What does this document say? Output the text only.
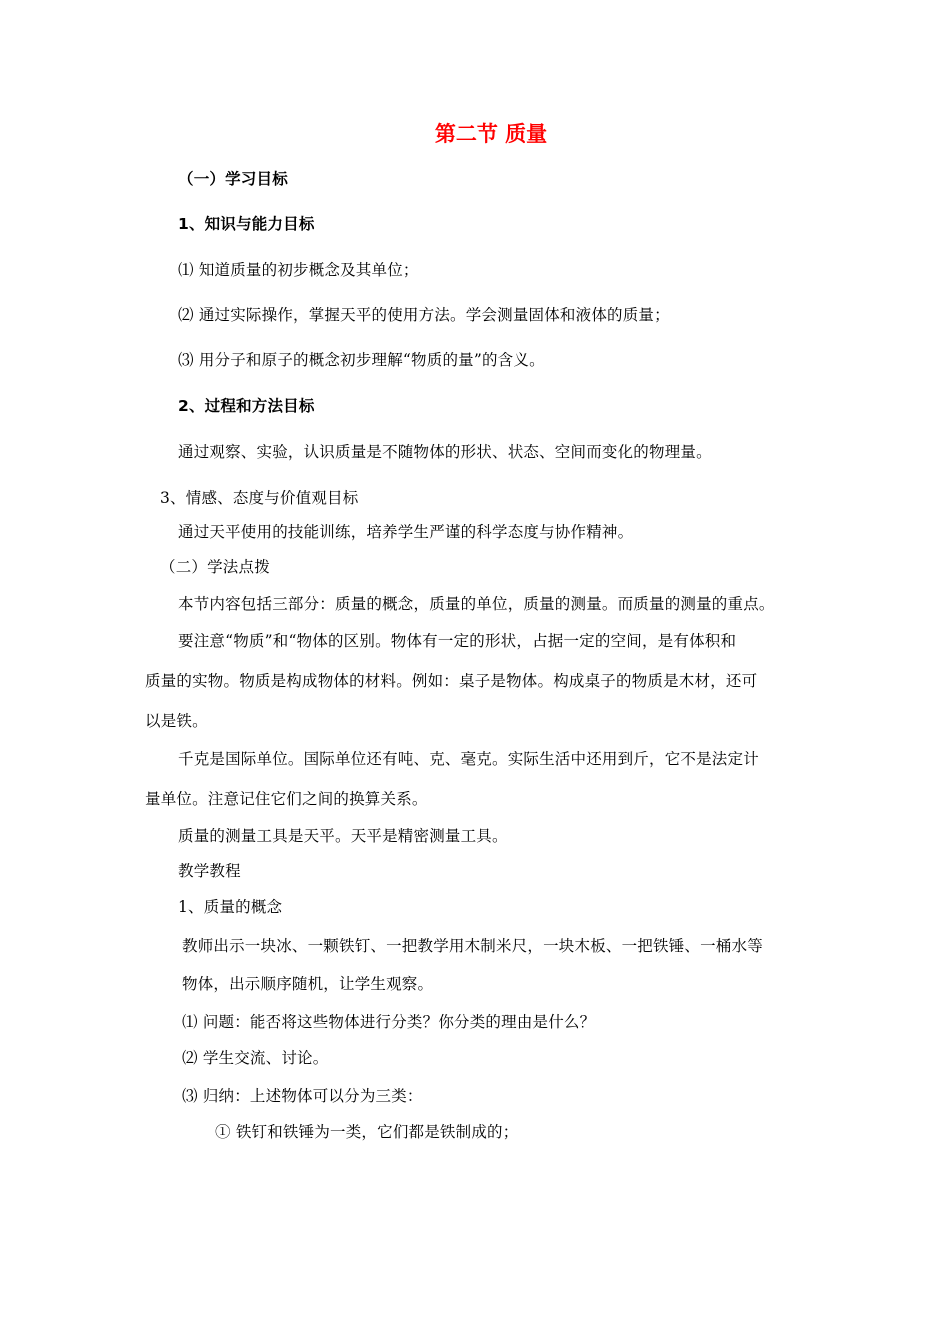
第二节 质量
（一）学习目标
1、知识与能力目标
⑴ 知道质量的初步概念及其单位；
⑵ 通过实际操作，掌握天平的使用方法。学会测量固体和液体的质量；
⑶ 用分子和原子的概念初步理解“物质的量”的含义。
2、过程和方法目标
通过观察、实验，认识质量是不随物体的形状、状态、空间而变化的物理量。
3、情感、态度与价值观目标
通过天平使用的技能训练，培养学生严谨的科学态度与协作精神。
（二）学法点拨
本节内容包括三部分：质量的概念，质量的单位，质量的测量。而质量的测量的重点。
要注意“物质”和“物体的区别。物体有一定的形状，占据一定的空间，是有体积和
质量的实物。物质是构成物体的材料。例如：桌子是物体。构成桌子的物质是木材，还可
以是铁。
千克是国际单位。国际单位还有吨、克、毫克。实际生活中还用到斤，它不是法定计
量单位。注意记住它们之间的换算关系。
质量的测量工具是天平。天平是精密测量工具。
教学教程
1、质量的概念
教师出示一块冰、一颗铁钉、一把教学用木制米尺，一块木板、一把铁锤、一桶水等
物体，出示顺序随机，让学生观察。
⑴ 问题：能否将这些物体进行分类？你分类的理由是什么？
⑵ 学生交流、讨论。
⑶ 归纳：上述物体可以分为三类：
① 铁钉和铁锤为一类，它们都是铁制成的；
